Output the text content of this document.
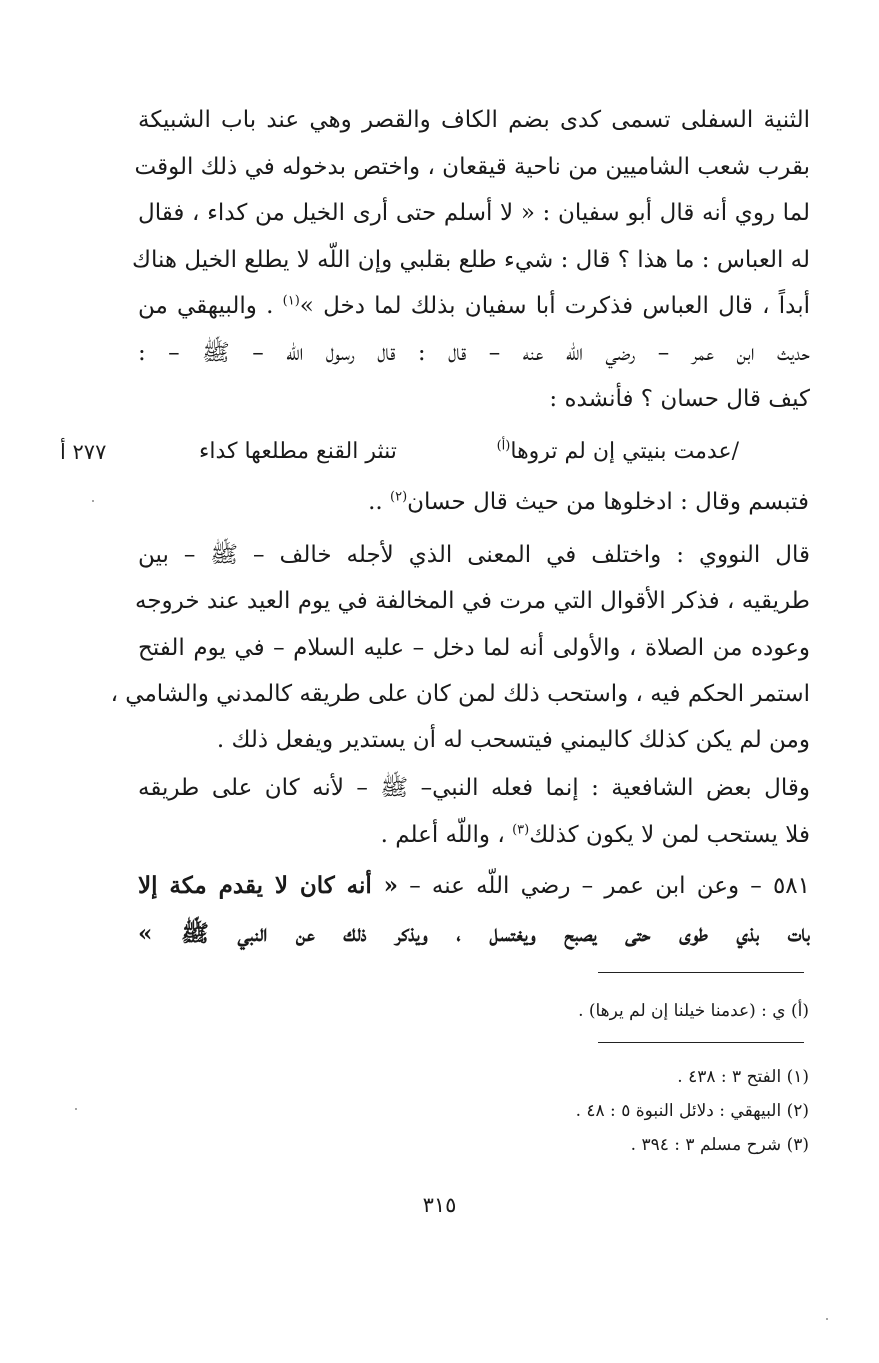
الثنية السفلى تسمى كدى بضم الكاف والقصر وهي عند باب الشبيكة
بقرب شعب الشاميين من ناحية قيقعان ، واختص بدخوله في ذلك الوقت
لما روي أنه قال أبو سفيان : « لا أسلم حتى أرى الخيل من كداء ، فقال
له العباس : ما هذا ؟ قال : شيء طلع بقلبي وإن اللّه لا يطلع الخيل هناك
أبداً ، قال العباس فذكرت أبا سفيان بذلك لما دخل »$^{(١)}$ . والبيهقي من
حديث ابن عمر – رضي اللّه عنه – قال : قال رسول اللّه – ﷺ – :
كيف قال حسان ؟ فأنشده :
/عدمت بنيتي إن لم تروها$^{(أ)}$
تنثر القنع مطلعها كداء
٢٧٧ أ
فتبسم وقال : ادخلوها من حيث قال حسان$^{(٢)}$ ..
قال النووي : واختلف في المعنى الذي لأجله خالف – ﷺ – بين
طريقيه ، فذكر الأقوال التي مرت في المخالفة في يوم العيد عند خروجه
وعوده من الصلاة ، والأولى أنه لما دخل – عليه السلام – في يوم الفتح
استمر الحكم فيه ، واستحب ذلك لمن كان على طريقه كالمدني والشامي ،
ومن لم يكن كذلك كاليمني فيتسحب له أن يستدير ويفعل ذلك .
وقال بعض الشافعية : إنما فعله النبي– ﷺ – لأنه كان على طريقه
فلا يستحب لمن لا يكون كذلك$^{(٣)}$ ، واللّه أعلم .
٥٨١ – وعن ابن عمر – رضي اللّه عنه – « أنه كان لا يقدم مكة إلا
بات بذي طوى حتى يصبح ويغتسل ، ويذكر ذلك عن النبي ﷺ »
(أ) ي : (عدمنا خيلنا إن لم يرها) .
(١) الفتح ٣ : ٤٣٨ .
(٢) البيهقي : دلائل النبوة ٥ : ٤٨ .
(٣) شرح مسلم ٣ : ٣٩٤ .
٣١٥
